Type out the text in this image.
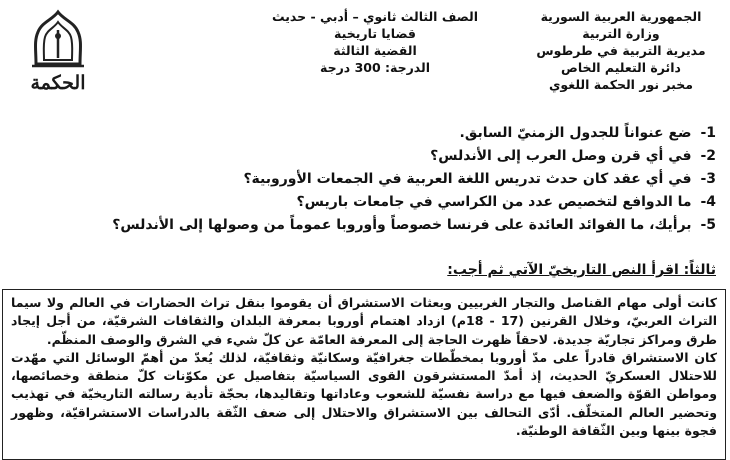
الجمهورية العربية السورية
وزارة التربية
مديرية التربية في طرطوس
دائرة التعليم الخاص
مخبر نور الحكمة اللغوي
الصف الثالث ثانوي – أدبي - حديث
قضايا تاريخية
القضية الثالثة
الدرجة: 300 درجة
الحكمة
1- ضع عنواناً للجدول الزمنيّ السابق.
2- في أي قرن وصل العرب إلى الأندلس؟
3- في أي عقد كان حدث تدريس اللغة العربية في الجمعات الأوروبية؟
4- ما الدوافع لتخصيص عدد من الكراسي في جامعات باريس؟
5- برأيك، ما الفوائد العائدة على فرنسا خصوصاً وأوروبا عموماً من وصولها إلى الأندلس؟
ثالثاً: اقرأ النص التاريخيّ الآتي ثم أجب:

كانت أولى مهام القناصل والتجار الغربيين وبعثات الاستشراق أن يقوموا بنقل تراث الحضارات في العالم ولا سيما التراث العربيّ، وخلال القرنين (17 - 18م) ازداد اهتمام أوروبا بمعرفة البلدان والثقافات الشرقيّة، من أجل إيجاد طرق ومراكز تجاريّة جديدة. لاحقاً ظهرت الحاجة إلى المعرفة العامّة عن كلّ شيء في الشرق والوصف المنظّم.

كان الاستشراق قادراً على مدّ أوروبا بمخطّطات جغرافيّة وسكانيّة وثقافيّة، لذلك يُعدّ من أهمّ الوسائل التي مهّدت للاحتلال العسكريّ الحديث، إذ أمدّ المستشرقون القوى السياسيّة بتفاصيل عن مكوّنات كلّ منطقة وخصائصها، ومواطن القوّة والضعف فيها مع دراسة نفسيّة للشعوب وعاداتها وتقاليدها، بحجّة تأدية رسالته التاريخيّة في تهذيب وتحضير العالم المتخلّف. أدّى التحالف بين الاستشراق والاحتلال إلى ضعف الثّقة بالدراسات الاستشراقيّة، وظهور فجوة بينها وبين الثّقافة الوطنيّة.
